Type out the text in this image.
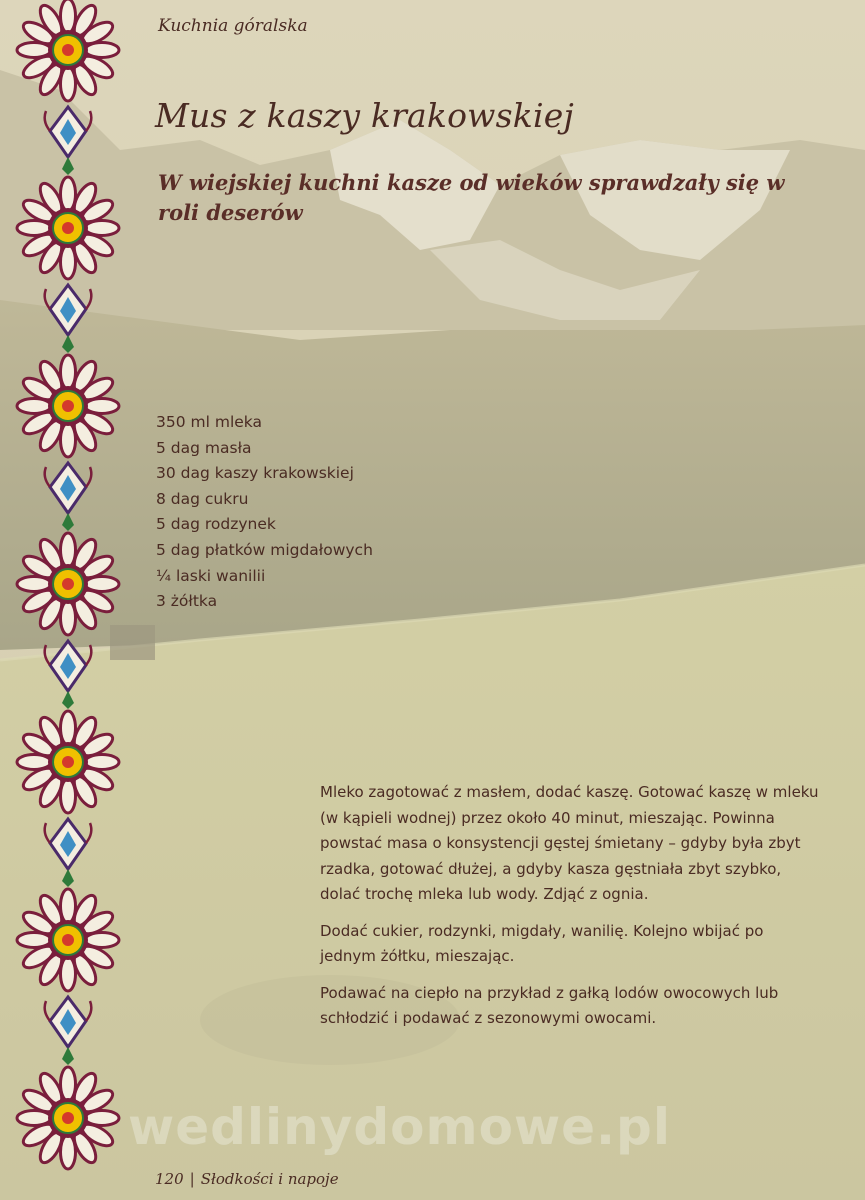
Kuchnia góralska

Mus z kaszy krakowskiej
W wiejskiej kuchni kasze od wieków sprawdzały się w roli deserów
350 ml mleka
5 dag masła
30 dag kaszy krakowskiej
8 dag cukru
5 dag rodzynek
5 dag płatków migdałowych
¼ laski wanilii
3 żółtka

Mleko zagotować z masłem, dodać kaszę. Gotować kaszę w mleku (w kąpieli wodnej) przez około 40 minut, mieszając. Powinna powstać masa o konsystencji gęstej śmietany – gdyby była zbyt rzadka, gotować dłużej, a gdyby kasza gęstniała zbyt szybko, dolać trochę mleka lub wody. Zdjąć z ognia.

Dodać cukier, rodzynki, migdały, wanilię. Kolejno wbijać po jednym żółtku, mieszając.

Podawać na ciepło na przykład z gałką lodów owocowych lub schłodzić i podawać z sezonowymi owocami.

wedlinydomowe.pl

120 | Słodkości i napoje
